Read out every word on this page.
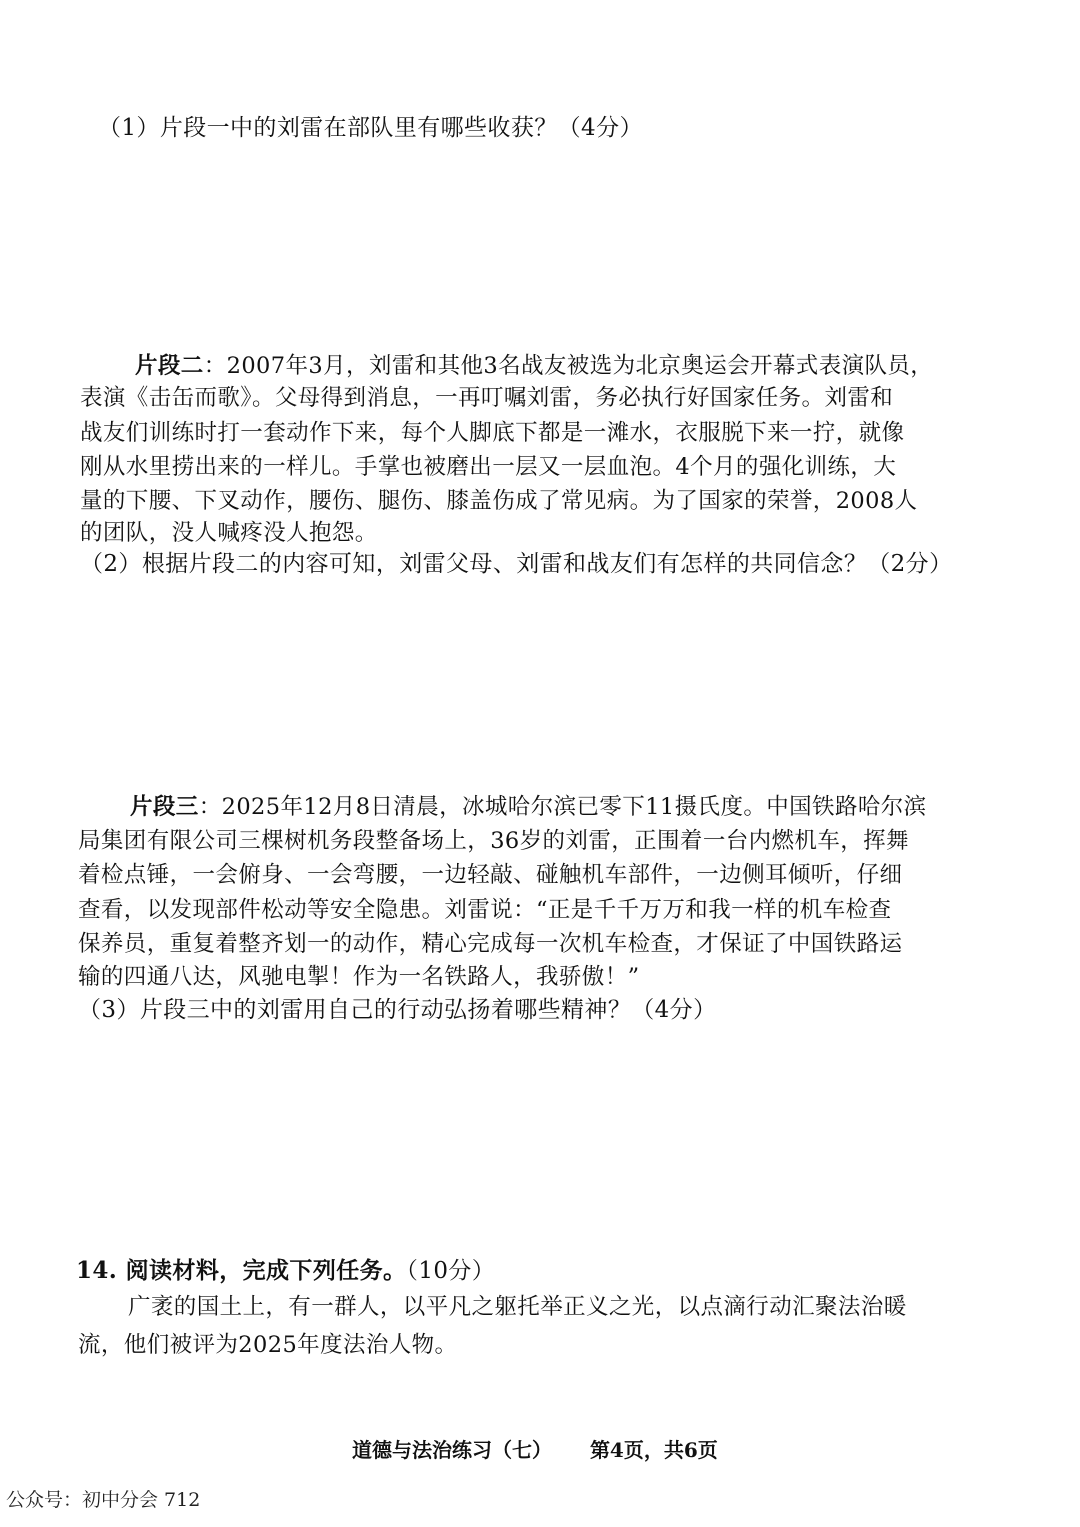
（1）片段一中的刘雷在部队里有哪些收获？（4分）
片段二：2007年3月，刘雷和其他3名战友被选为北京奥运会开幕式表演队员，
表演《击缶而歌》。父母得到消息，一再叮嘱刘雷，务必执行好国家任务。刘雷和
战友们训练时打一套动作下来，每个人脚底下都是一滩水，衣服脱下来一拧，就像
刚从水里捞出来的一样儿。手掌也被磨出一层又一层血泡。4个月的强化训练，大
量的下腰、下叉动作，腰伤、腿伤、膝盖伤成了常见病。为了国家的荣誉，2008人
的团队，没人喊疼没人抱怨。
（2）根据片段二的内容可知，刘雷父母、刘雷和战友们有怎样的共同信念？（2分）
片段三：2025年12月8日清晨，冰城哈尔滨已零下11摄氏度。中国铁路哈尔滨
局集团有限公司三棵树机务段整备场上，36岁的刘雷，正围着一台内燃机车，挥舞
着检点锤，一会俯身、一会弯腰，一边轻敲、碰触机车部件，一边侧耳倾听，仔细
查看，以发现部件松动等安全隐患。刘雷说：“正是千千万万和我一样的机车检查
保养员，重复着整齐划一的动作，精心完成每一次机车检查，才保证了中国铁路运
输的四通八达，风驰电掣！作为一名铁路人，我骄傲！”
（3）片段三中的刘雷用自己的行动弘扬着哪些精神？（4分）
14. 阅读材料，完成下列任务。（10分）
广袤的国土上，有一群人，以平凡之躯托举正义之光，以点滴行动汇聚法治暖
流，他们被评为2025年度法治人物。
道德与法治练习（七） 第4页，共6页
公众号：初中分会 712
